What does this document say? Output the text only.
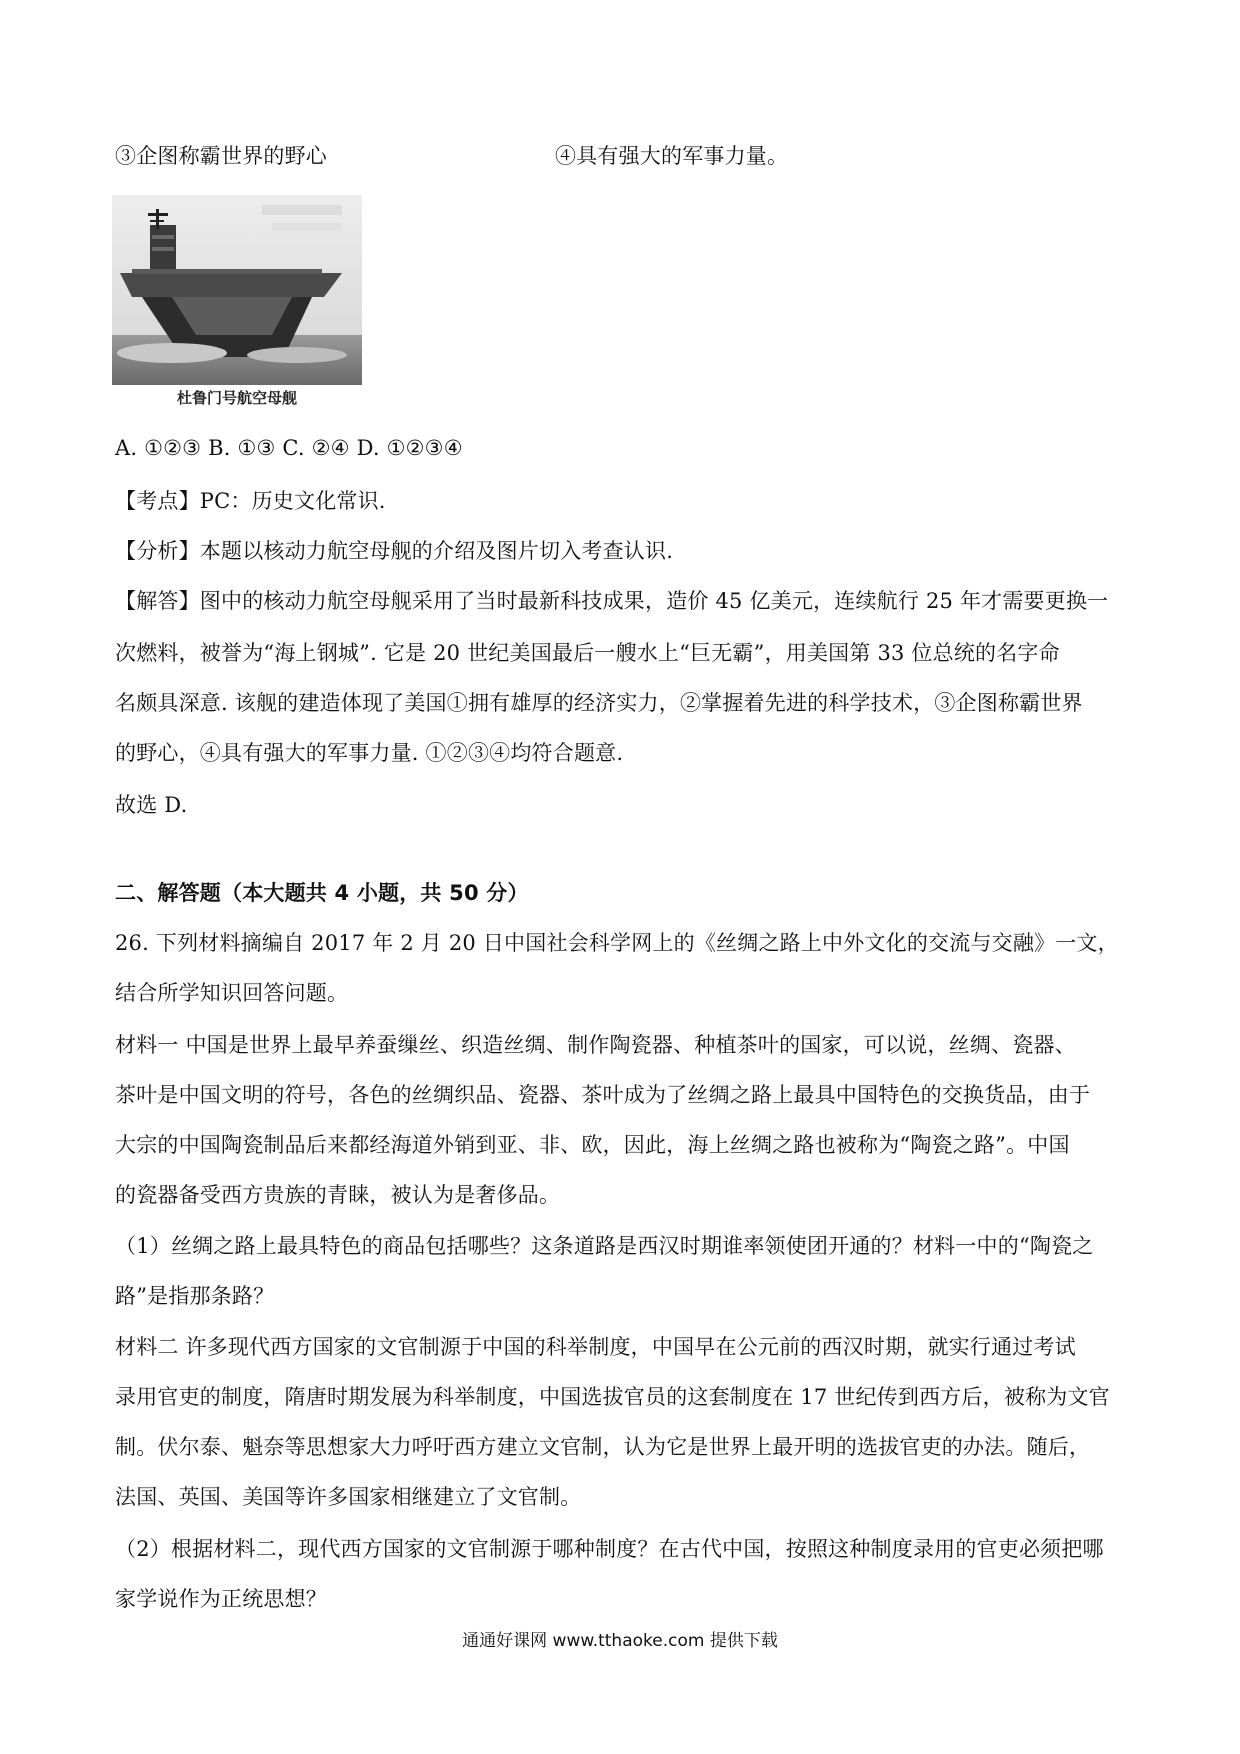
③企图称霸世界的野心	④具有强大的军事力量。
杜鲁门号航空母舰
A. ①②③ B. ①③ C. ②④ D. ①②③④
【考点】PC：历史文化常识.
【分析】本题以核动力航空母舰的介绍及图片切入考查认识.
【解答】图中的核动力航空母舰采用了当时最新科技成果，造价 45 亿美元，连续航行 25 年才需要更换一
次燃料，被誉为“海上钢城”. 它是 20 世纪美国最后一艘水上“巨无霸”，用美国第 33 位总统的名字命
名颇具深意. 该舰的建造体现了美国①拥有雄厚的经济实力，②掌握着先进的科学技术，③企图称霸世界
的野心，④具有强大的军事力量. ①②③④均符合题意.
故选 D.
二、解答题（本大题共 4 小题，共 50 分）
26. 下列材料摘编自 2017 年 2 月 20 日中国社会科学网上的《丝绸之路上中外文化的交流与交融》一文，
结合所学知识回答问题。
材料一 中国是世界上最早养蚕缫丝、织造丝绸、制作陶瓷器、种植茶叶的国家，可以说，丝绸、瓷器、
茶叶是中国文明的符号，各色的丝绸织品、瓷器、茶叶成为了丝绸之路上最具中国特色的交换货品，由于
大宗的中国陶瓷制品后来都经海道外销到亚、非、欧，因此，海上丝绸之路也被称为“陶瓷之路”。中国
的瓷器备受西方贵族的青睐，被认为是奢侈品。
（1）丝绸之路上最具特色的商品包括哪些？这条道路是西汉时期谁率领使团开通的？材料一中的“陶瓷之
路”是指那条路？
材料二 许多现代西方国家的文官制源于中国的科举制度，中国早在公元前的西汉时期，就实行通过考试
录用官吏的制度，隋唐时期发展为科举制度，中国选拔官员的这套制度在 17 世纪传到西方后，被称为文官
制。伏尔泰、魁奈等思想家大力呼吁西方建立文官制，认为它是世界上最开明的选拔官吏的办法。随后，
法国、英国、美国等许多国家相继建立了文官制。
（2）根据材料二，现代西方国家的文官制源于哪种制度？在古代中国，按照这种制度录用的官吏必须把哪
家学说作为正统思想？
通通好课网 www.tthaoke.com 提供下载
